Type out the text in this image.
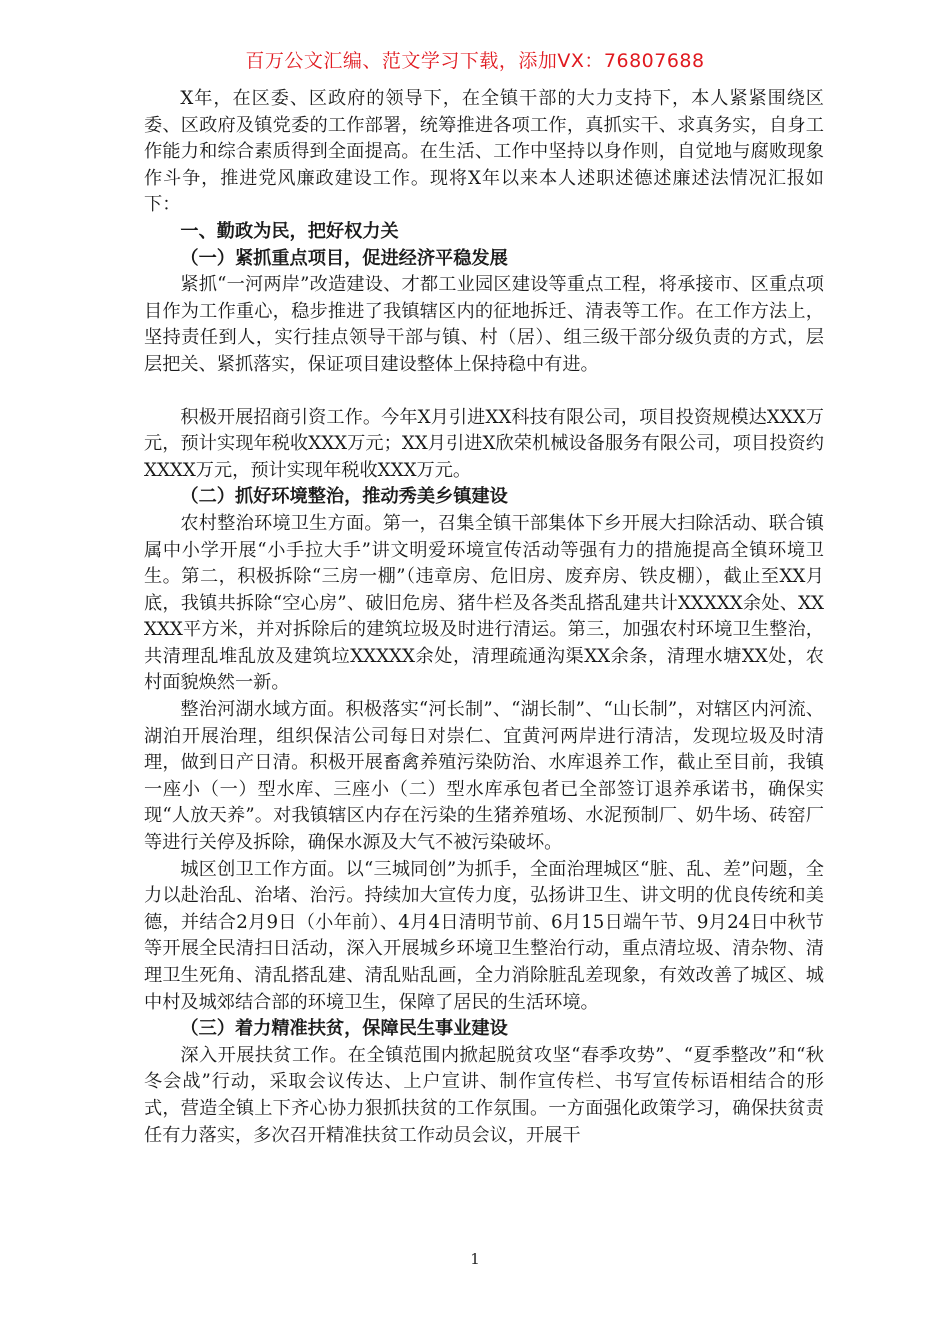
百万公文汇编、范文学习下载，添加VX：76807688

X年，在区委、区政府的领导下，在全镇干部的大力支持下，本人紧紧围绕区委、区政府及镇党委的工作部署，统筹推进各项工作，真抓实干、求真务实，自身工作能力和综合素质得到全面提高。在生活、工作中坚持以身作则，自觉地与腐败现象作斗争，推进党风廉政建设工作。现将X年以来本人述职述德述廉述法情况汇报如下：

一、勤政为民，把好权力关

（一）紧抓重点项目，促进经济平稳发展

紧抓“一河两岸”改造建设、才都工业园区建设等重点工程，将承接市、区重点项目作为工作重心，稳步推进了我镇辖区内的征地拆迁、清表等工作。在工作方法上，坚持责任到人，实行挂点领导干部与镇、村（居）、组三级干部分级负责的方式，层层把关、紧抓落实，保证项目建设整体上保持稳中有进。

积极开展招商引资工作。今年X月引进XX科技有限公司，项目投资规模达XXX万元，预计实现年税收XXX万元；XX月引进X欣荣机械设备服务有限公司，项目投资约XXXX万元，预计实现年税收XXX万元。

（二）抓好环境整治，推动秀美乡镇建设

农村整治环境卫生方面。第一，召集全镇干部集体下乡开展大扫除活动、联合镇属中小学开展“小手拉大手”讲文明爱环境宣传活动等强有力的措施提高全镇环境卫生。第二，积极拆除“三房一棚”（违章房、危旧房、废弃房、铁皮棚），截止至XX月底，我镇共拆除“空心房”、破旧危房、猪牛栏及各类乱搭乱建共计XXXXX余处、XXXXX平方米，并对拆除后的建筑垃圾及时进行清运。第三，加强农村环境卫生整治，共清理乱堆乱放及建筑垃XXXXX余处，清理疏通沟渠XX余条，清理水塘XX处，农村面貌焕然一新。

整治河湖水域方面。积极落实“河长制”、“湖长制”、“山长制”，对辖区内河流、湖泊开展治理，组织保洁公司每日对崇仁、宜黄河两岸进行清洁，发现垃圾及时清理，做到日产日清。积极开展畜禽养殖污染防治、水库退养工作，截止至目前，我镇一座小（一）型水库、三座小（二）型水库承包者已全部签订退养承诺书，确保实现“人放天养”。对我镇辖区内存在污染的生猪养殖场、水泥预制厂、奶牛场、砖窑厂等进行关停及拆除，确保水源及大气不被污染破坏。

城区创卫工作方面。以“三城同创”为抓手，全面治理城区“脏、乱、差”问题，全力以赴治乱、治堵、治污。持续加大宣传力度，弘扬讲卫生、讲文明的优良传统和美德，并结合2月9日（小年前）、4月4日清明节前、6月15日端午节、9月24日中秋节等开展全民清扫日活动，深入开展城乡环境卫生整治行动，重点清垃圾、清杂物、清理卫生死角、清乱搭乱建、清乱贴乱画，全力消除脏乱差现象，有效改善了城区、城中村及城郊结合部的环境卫生，保障了居民的生活环境。

（三）着力精准扶贫，保障民生事业建设

深入开展扶贫工作。在全镇范围内掀起脱贫攻坚“春季攻势”、“夏季整改”和“秋冬会战”行动，采取会议传达、上户宣讲、制作宣传栏、书写宣传标语相结合的形式，营造全镇上下齐心协力狠抓扶贫的工作氛围。一方面强化政策学习，确保扶贫责任有力落实，多次召开精准扶贫工作动员会议，开展干

1
